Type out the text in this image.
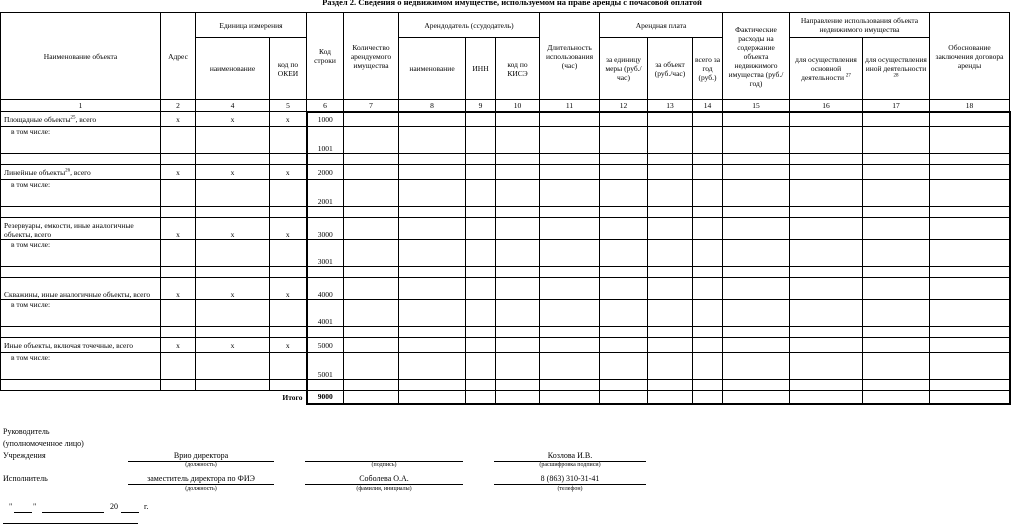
Раздел 2. Сведения о недвижимом имуществе, используемом на праве аренды с почасовой оплатой
Наименование объекта	Адрес	Единица измерения		Код строки	Количество арендуемого имущества	Арендодатель (ссудодатель)			Длительность использования (час)	Арендная плата			Фактические расходы на содержание объекта недвижимого имущества (руб./год)	Направление использования объекта недвижимого имущества		Обоснование заключения договора аренды
		наименование	код по ОКЕИ			наименование	ИНН	код по КИСЭ		за единицу меры (руб./час)	за объект (руб./час)	всего за год (руб.)		для осуществления основной деятельности $^{27}$	для осуществления иной деятельности $^{28}$
1	2	4	5	6	7	8	9	10	11	12	13	14	15	16	17	18
Площадные объекты$^{25}$, всего	x	x	x	1000												
в том числе:				1001												

Линейные объекты$^{26}$, всего	x	x	x	2000												
в том числе:				2001												

Резервуары, емкости, иные аналогичные объекты, всего	x	x	x	3000												
в том числе:				3001												

Скважины, иные аналогичные объекты, всего	x	x	x	4000												
в том числе:				4001												

Иные объекты, включая точечные, всего	x	x	x	5000												
в том числе:				5001												

Итого				9000												
Руководитель
(уполномоченное лицо)
Учреждения	Врио директора
(должность)	(подпись)
Козлова И.В.
(расшифровка подписи)
Исполнитель	заместитель директора по ФИЭ
(должность)
Соболева О.А.
(фамилия, инициалы)
8 (863) 310-31-41
(телефон)
"	"	20	г.
